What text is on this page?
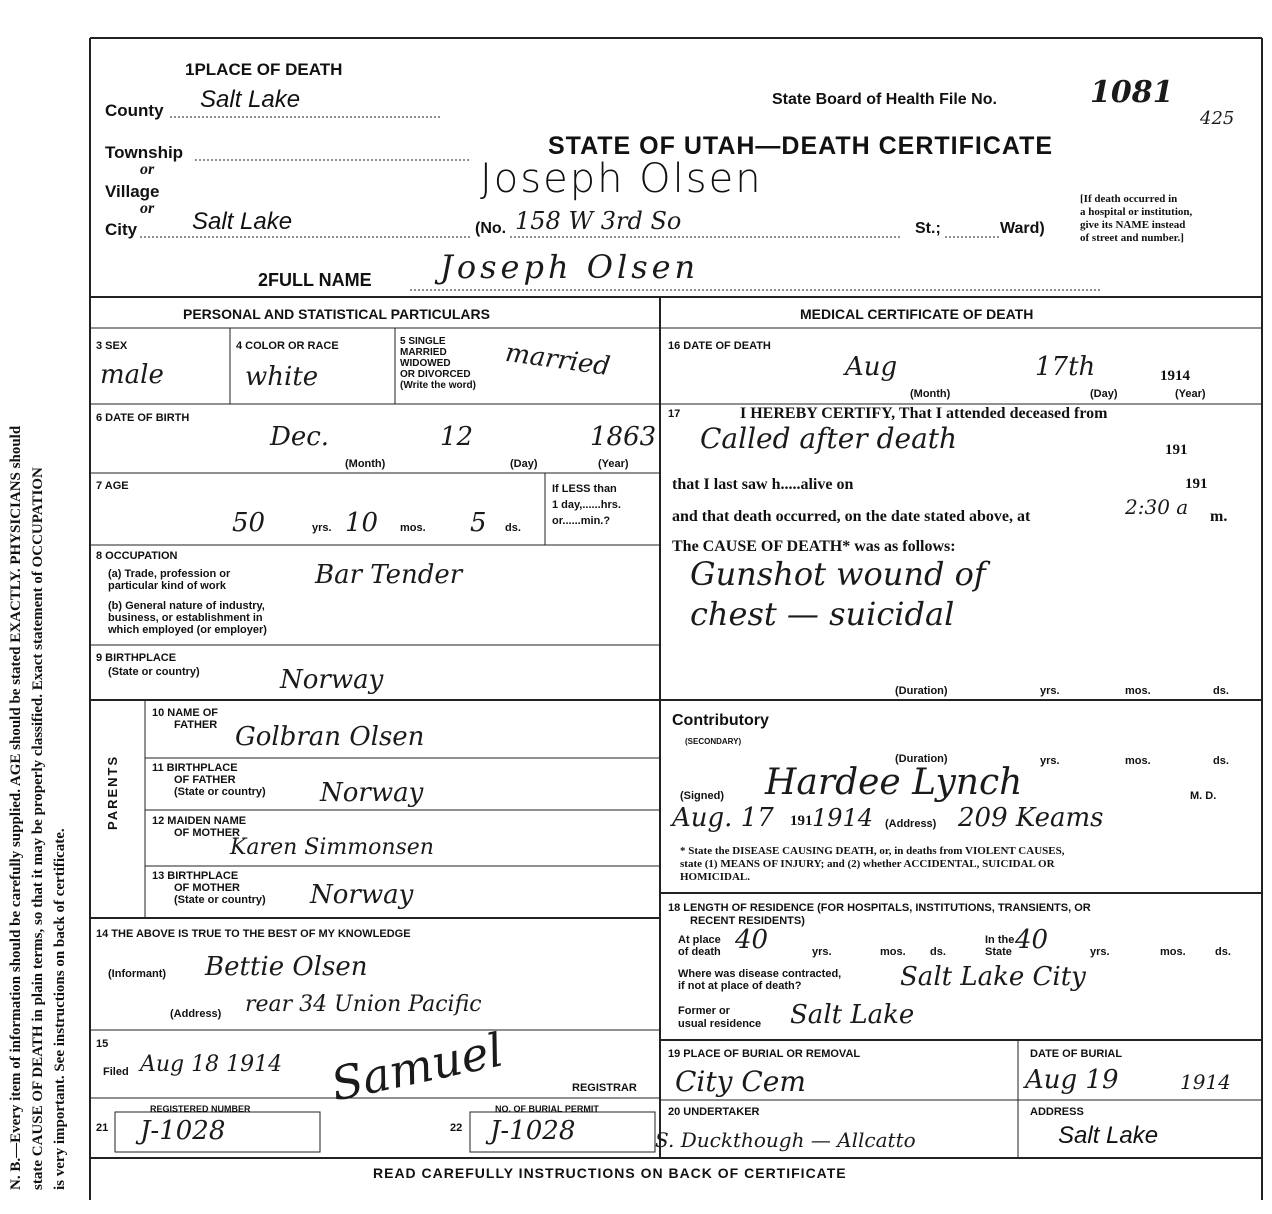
N. B.—Every item of information should be carefully supplied. AGE should be stated EXACTLY. PHYSICIANS should state CAUSE OF DEATH in plain terms, so that it may be properly classified. Exact statement of OCCUPATION is very important. See instructions on back of certificate.
1PLACE OF DEATH
County Salt Lake
Township
or
Village
or
City Salt Lake	(No. 158 W 3rd So	St.;	Ward)
[If death occurred in
a hospital or institution,
give its NAME instead
of street and number.]
State Board of Health File No.	1081
425
STATE OF UTAH—DEATH CERTIFICATE
Joseph Olsen
2FULL NAME Joseph Olsen
PERSONAL AND STATISTICAL PARTICULARS
3 SEX
male
4 COLOR OR RACE
white
5 SINGLE
MARRIED
WIDOWED
OR DIVORCED
(Write the word)
married
6 DATE OF BIRTH
Dec.	12	1863
(Month)	(Day)	(Year)
7 AGE
50	yrs. 10 mos. 5 ds.
If LESS than
1 day,......hrs.
or......min.?
8 OCCUPATION
(a) Trade, profession or
particular kind of work	Bar Tender
(b) General nature of industry,
business, or establishment in
which employed (or employer)
9 BIRTHPLACE
(State or country)	Norway
PARENTS
10 NAME OF
FATHER Golbran Olsen
11 BIRTHPLACE
OF FATHER
(State or country) Norway
12 MAIDEN NAME
OF MOTHER
Karen Simmonsen
13 BIRTHPLACE
OF MOTHER
(State or country) Norway
14 THE ABOVE IS TRUE TO THE BEST OF MY KNOWLEDGE
(Informant) Bettie Olsen
(Address) rear 34 Union Pacific
15
Filed Aug 18 1914 Samuel	REGISTRAR
REGISTERED NUMBER
21 J-1028
NO. OF BURIAL PERMIT
22 J-1028
MEDICAL CERTIFICATE OF DEATH
16 DATE OF DEATH
Aug	17th	1914
(Month)	(Day)	(Year)
17	I HEREBY CERTIFY, That I attended deceased from
Called after death	191
that I last saw h.....alive on	191
and that death occurred, on the date stated above, at	2:30 a m.
The CAUSE OF DEATH* was as follows:
Gunshot wound of
chest — suicidal
(Duration)	yrs.	mos.	ds.
Contributory
(SECONDARY)
(Duration)	yrs.	mos.	ds.
(Signed) Hardee Lynch	M. D.
Aug. 17 191 1914 (Address) 209 Keams
* State the DISEASE CAUSING DEATH, or, in deaths from VIOLENT CAUSES,
state (1) MEANS OF INJURY; and (2) whether ACCIDENTAL, SUICIDAL OR
HOMICIDAL.
18 LENGTH OF RESIDENCE (FOR HOSPITALS, INSTITUTIONS, TRANSIENTS, OR
RECENT RESIDENTS)
At place
of death 40	yrs.	mos. ds.
In the
State 40	yrs.	mos.	ds.
Where was disease contracted,
if not at place of death?	Salt Lake City
Former or
usual residence Salt Lake
19 PLACE OF BURIAL OR REMOVAL
City Cem
DATE OF BURIAL
Aug 19	1914
20 UNDERTAKER
S. Duckthough — Allcatto
ADDRESS
Salt Lake
READ CAREFULLY INSTRUCTIONS ON BACK OF CERTIFICATE
